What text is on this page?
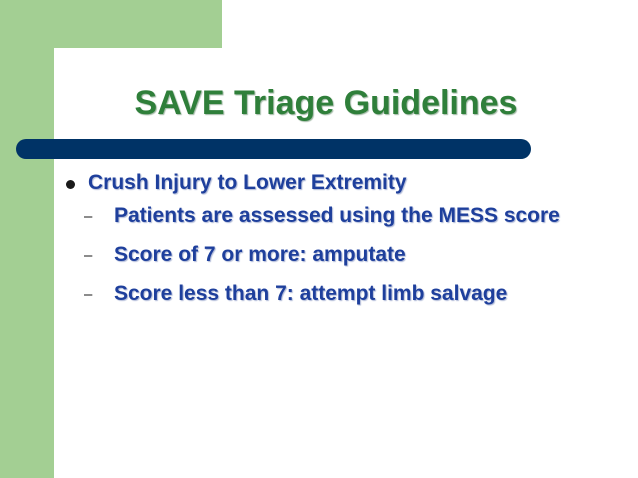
SAVE Triage Guidelines
Crush Injury to Lower Extremity
–	Patients are assessed using the MESS score
–	Score of 7 or more: amputate
–	Score less than 7: attempt limb salvage
